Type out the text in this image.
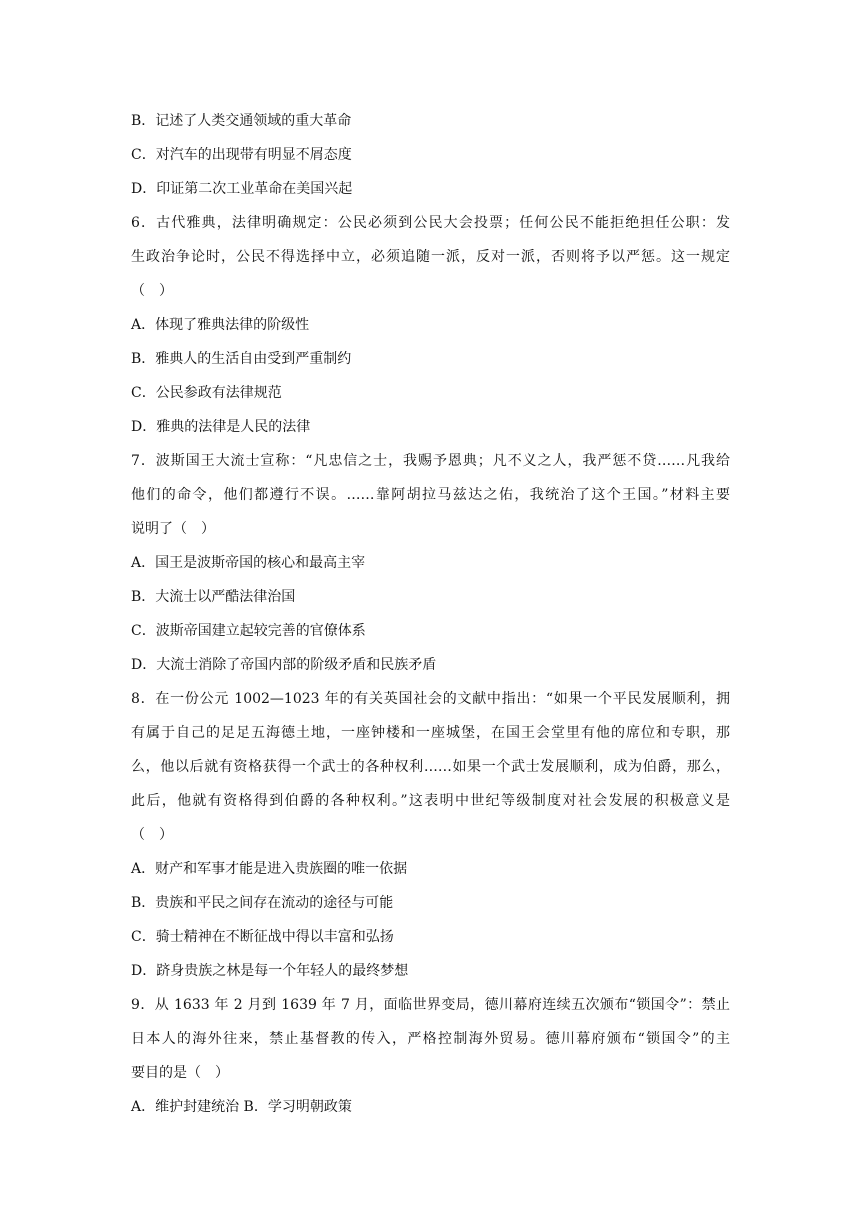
B．记述了人类交通领域的重大革命
C．对汽车的出现带有明显不屑态度
D．印证第二次工业革命在美国兴起
6．古代雅典，法律明确规定：公民必须到公民大会投票；任何公民不能拒绝担任公职：发
生政治争论时，公民不得选择中立，必须追随一派，反对一派，否则将予以严惩。这一规定
（　）
A．体现了雅典法律的阶级性
B．雅典人的生活自由受到严重制约
C．公民参政有法律规范
D．雅典的法律是人民的法律
7．波斯国王大流士宣称：“凡忠信之士，我赐予恩典；凡不义之人，我严惩不贷……凡我给
他们的命令，他们都遵行不误。……靠阿胡拉马兹达之佑，我统治了这个王国。”材料主要
说明了（　）
A．国王是波斯帝国的核心和最高主宰
B．大流士以严酷法律治国
C．波斯帝国建立起较完善的官僚体系
D．大流士消除了帝国内部的阶级矛盾和民族矛盾
8．在一份公元 1002—1023 年的有关英国社会的文献中指出：“如果一个平民发展顺利，拥
有属于自己的足足五海德土地，一座钟楼和一座城堡，在国王会堂里有他的席位和专职，那
么，他以后就有资格获得一个武士的各种权利……如果一个武士发展顺利，成为伯爵，那么，
此后，他就有资格得到伯爵的各种权利。”这表明中世纪等级制度对社会发展的积极意义是
（　）
A．财产和军事才能是进入贵族圈的唯一依据
B．贵族和平民之间存在流动的途径与可能
C．骑士精神在不断征战中得以丰富和弘扬
D．跻身贵族之林是每一个年轻人的最终梦想
9．从 1633 年 2 月到 1639 年 7 月，面临世界变局，德川幕府连续五次颁布“锁国令”：禁止
日本人的海外往来，禁止基督教的传入，严格控制海外贸易。德川幕府颁布“锁国令”的主
要目的是（　）
A．维护封建统治 B．学习明朝政策
